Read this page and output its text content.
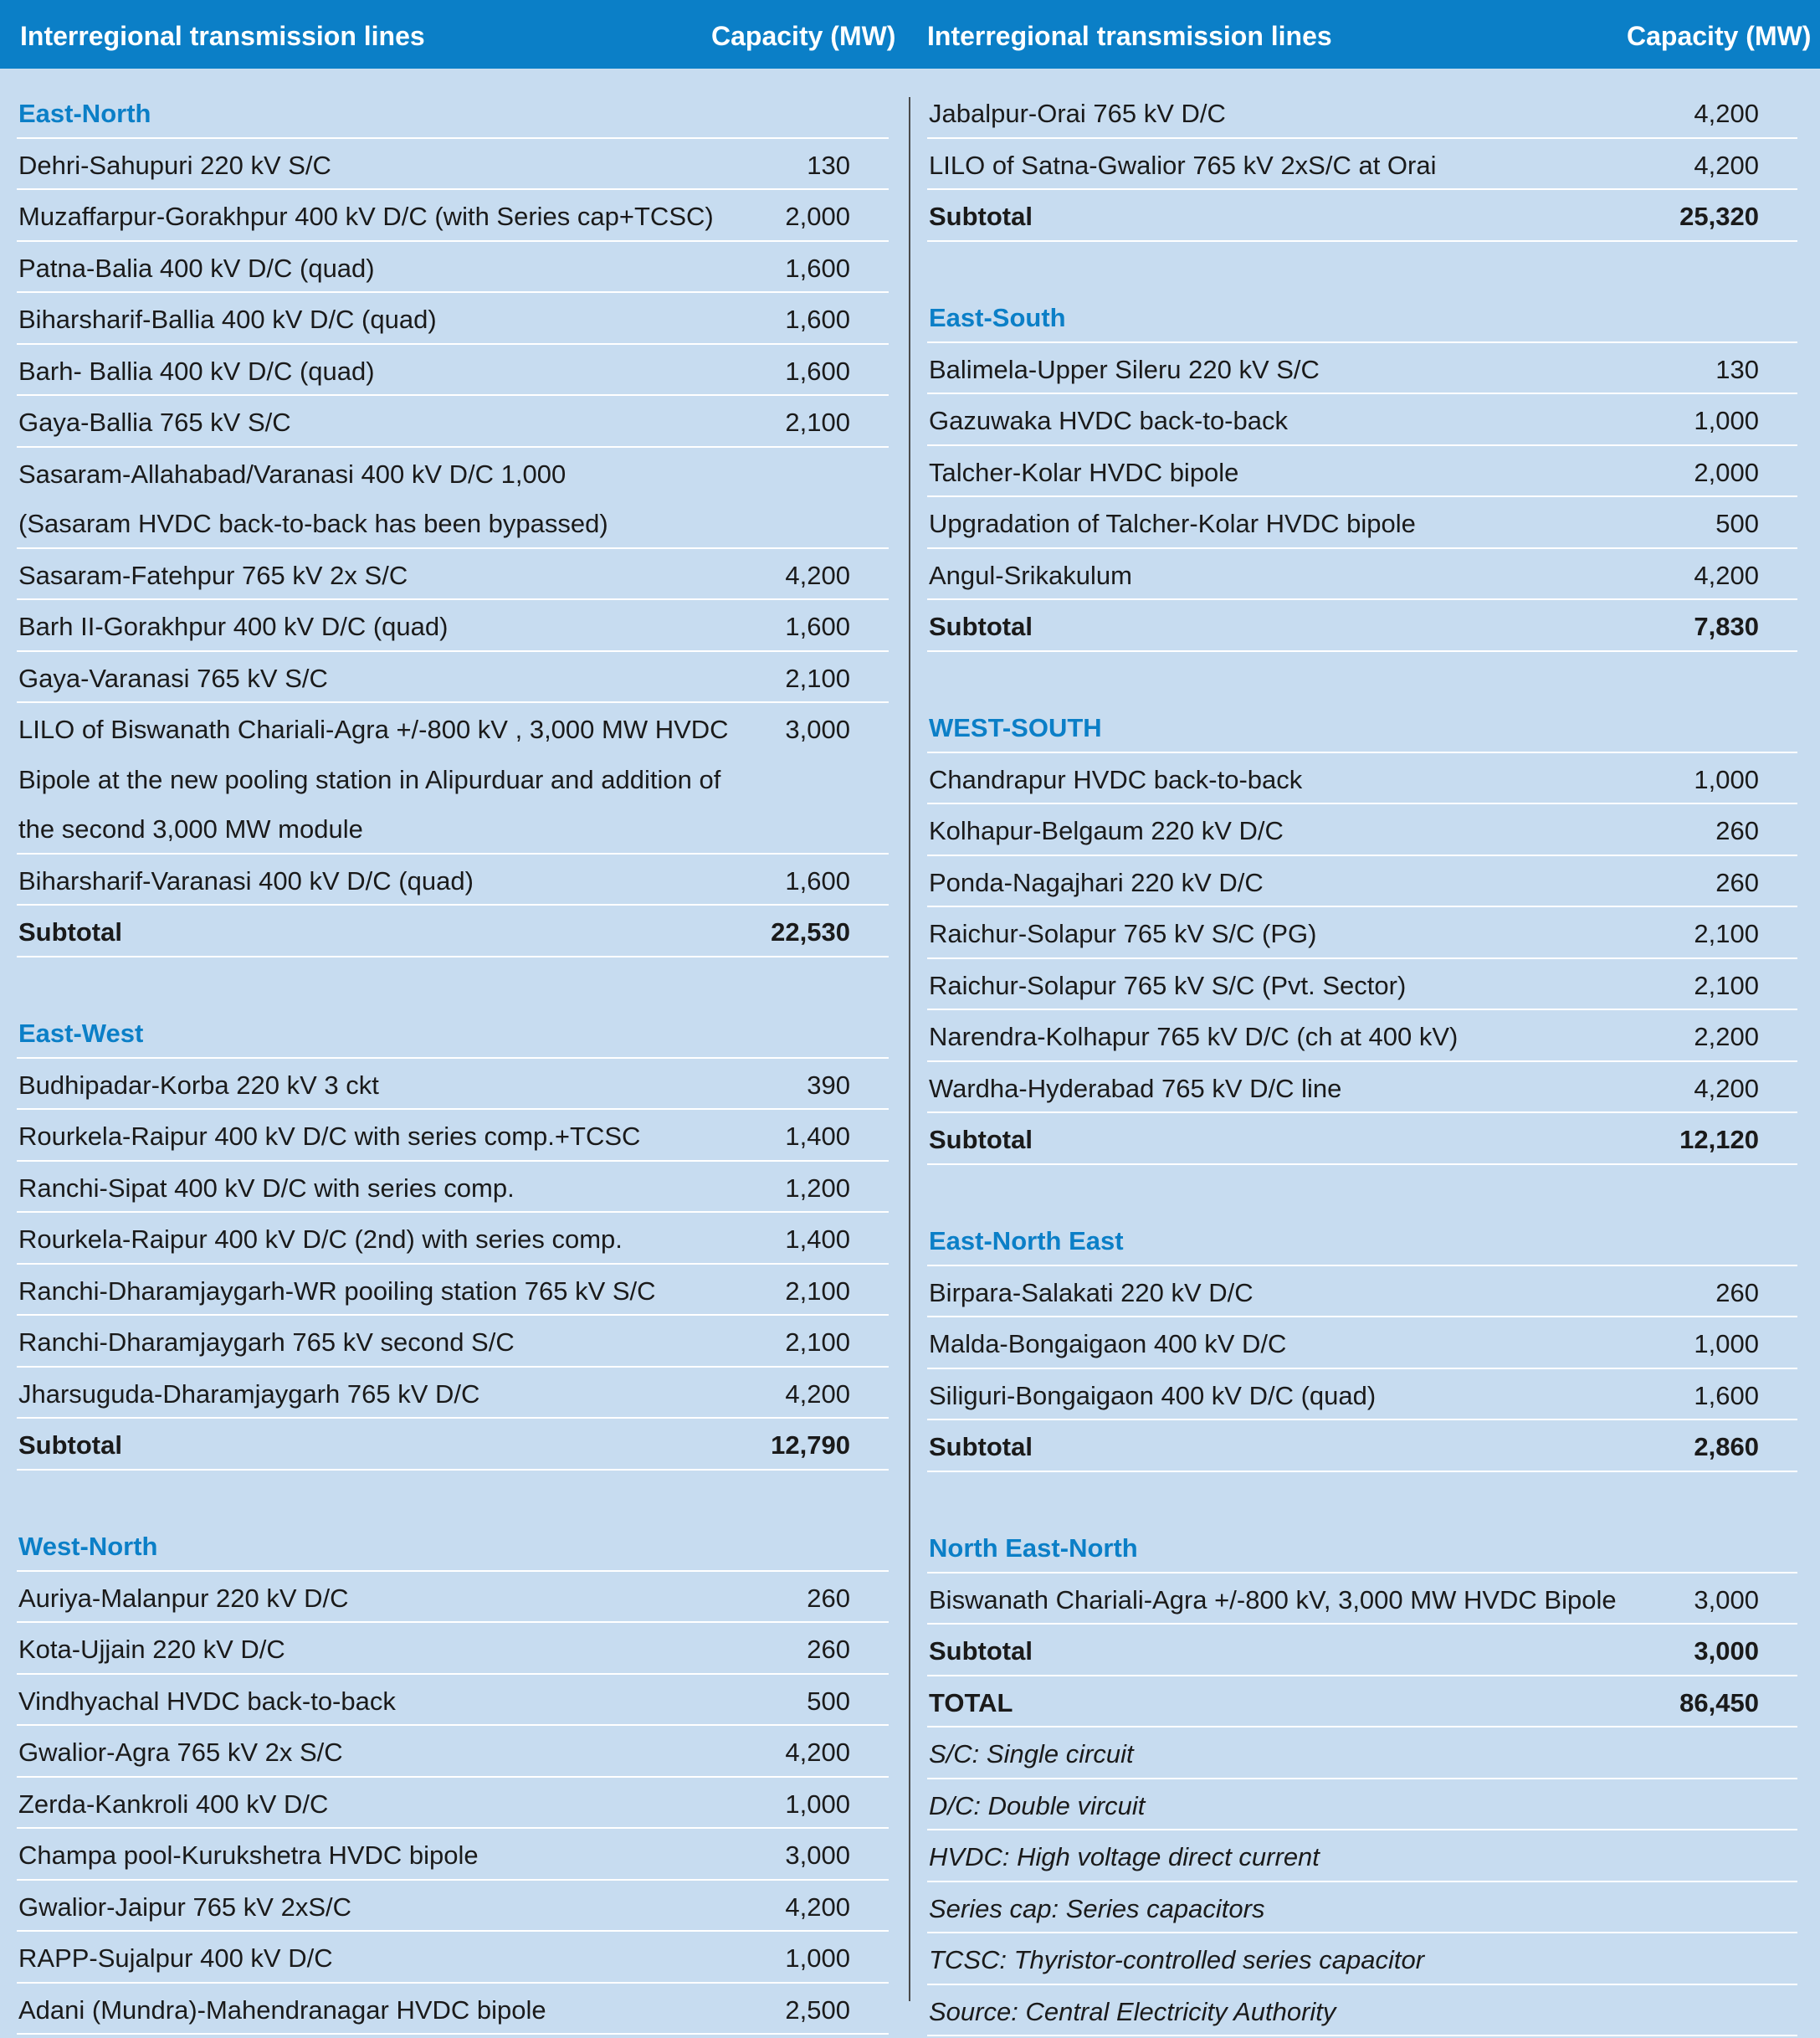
Interregional transmission lines	Capacity (MW) Interregional transmission lines	Capacity (MW)
East-North
Dehri-Sahupuri 220 kV S/C	130
Muzaffarpur-Gorakhpur 400 kV D/C (with Series cap+TCSC)	2,000
Patna-Balia 400 kV D/C (quad)	1,600
Biharsharif-Ballia 400 kV D/C (quad)	1,600
Barh- Ballia 400 kV D/C (quad)	1,600
Gaya-Ballia 765 kV S/C	2,100
Sasaram-Allahabad/Varanasi 400 kV D/C 1,000
(Sasaram HVDC back-to-back has been bypassed)
Sasaram-Fatehpur 765 kV 2x S/C	4,200
Barh II-Gorakhpur 400 kV D/C (quad)	1,600
Gaya-Varanasi 765 kV S/C	2,100
LILO of Biswanath Chariali-Agra +/-800 kV , 3,000 MW HVDC 3,000
Bipole at the new pooling station in Alipurduar and addition of
the second 3,000 MW module
Biharsharif-Varanasi 400 kV D/C (quad)	1,600
Subtotal	22,530
East-West
Budhipadar-Korba 220 kV 3 ckt	390
Rourkela-Raipur 400 kV D/C with series comp.+TCSC	1,400
Ranchi-Sipat 400 kV D/C with series comp.	1,200
Rourkela-Raipur 400 kV D/C (2nd) with series comp.	1,400
Ranchi-Dharamjaygarh-WR pooiling station 765 kV S/C	2,100
Ranchi-Dharamjaygarh 765 kV second S/C	2,100
Jharsuguda-Dharamjaygarh 765 kV D/C	4,200
Subtotal	12,790
West-North
Auriya-Malanpur 220 kV D/C	260
Kota-Ujjain 220 kV D/C	260
Vindhyachal HVDC back-to-back	500
Gwalior-Agra 765 kV 2x S/C	4,200
Zerda-Kankroli 400 kV D/C	1,000
Champa pool-Kurukshetra HVDC bipole	3,000
Gwalior-Jaipur 765 kV 2xS/C	4,200
RAPP-Sujalpur 400 kV D/C	1,000
Adani (Mundra)-Mahendranagar HVDC bipole	2,500
Jabalpur-Orai 765 kV D/C	4,200
LILO of Satna-Gwalior 765 kV 2xS/C at Orai	4,200
Subtotal	25,320
East-South
Balimela-Upper Sileru 220 kV S/C	130
Gazuwaka HVDC back-to-back	1,000
Talcher-Kolar HVDC bipole	2,000
Upgradation of Talcher-Kolar HVDC bipole	500
Angul-Srikakulum	4,200
Subtotal	7,830
WEST-SOUTH
Chandrapur HVDC back-to-back	1,000
Kolhapur-Belgaum 220 kV D/C	260
Ponda-Nagajhari 220 kV D/C	260
Raichur-Solapur 765 kV S/C (PG)	2,100
Raichur-Solapur 765 kV S/C (Pvt. Sector)	2,100
Narendra-Kolhapur 765 kV D/C (ch at 400 kV)	2,200
Wardha-Hyderabad 765 kV D/C line	4,200
Subtotal	12,120
East-North East
Birpara-Salakati 220 kV D/C	260
Malda-Bongaigaon 400 kV D/C	1,000
Siliguri-Bongaigaon 400 kV D/C (quad)	1,600
Subtotal	2,860
North East-North
Biswanath Chariali-Agra +/-800 kV, 3,000 MW HVDC Bipole	3,000
Subtotal	3,000
TOTAL	86,450
S/C: Single circuit
D/C: Double vircuit
HVDC: High voltage direct current
Series cap: Series capacitors
TCSC: Thyristor-controlled series capacitor
Source: Central Electricity Authority
